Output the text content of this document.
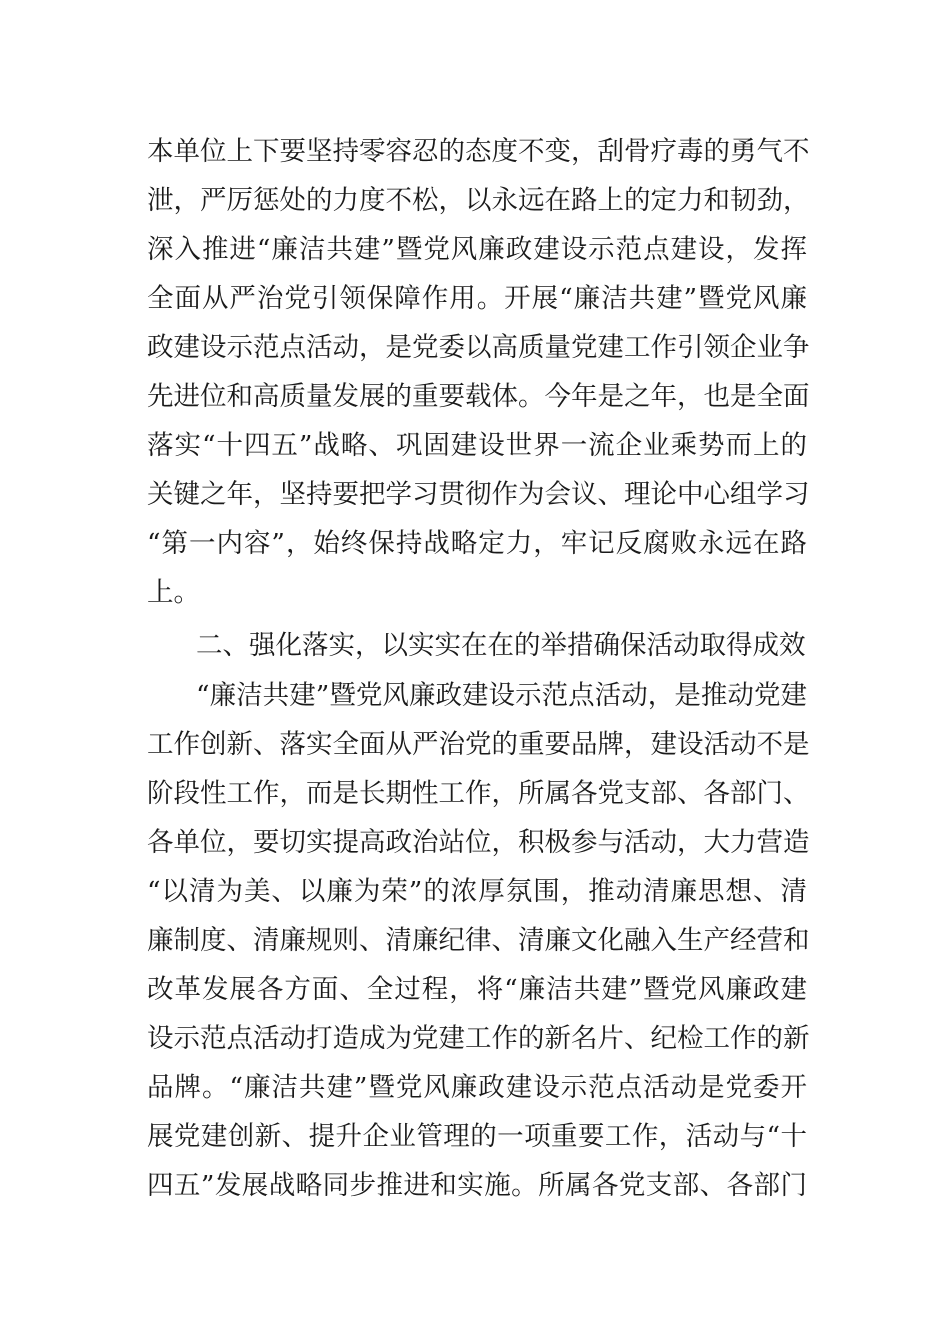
本单位上下要坚持零容忍的态度不变，刮骨疗毒的勇气不
泄，严厉惩处的力度不松，以永远在路上的定力和韧劲，
深入推进“廉洁共建”暨党风廉政建设示范点建设，发挥
全面从严治党引领保障作用。开展“廉洁共建”暨党风廉
政建设示范点活动，是党委以高质量党建工作引领企业争
先进位和高质量发展的重要载体。今年是之年，也是全面
落实“十四五”战略、巩固建设世界一流企业乘势而上的
关键之年，坚持要把学习贯彻作为会议、理论中心组学习
“第一内容”，始终保持战略定力，牢记反腐败永远在路
上。
二、强化落实，以实实在在的举措确保活动取得成效
“廉洁共建”暨党风廉政建设示范点活动，是推动党建
工作创新、落实全面从严治党的重要品牌，建设活动不是
阶段性工作，而是长期性工作，所属各党支部、各部门、
各单位，要切实提高政治站位，积极参与活动，大力营造
“以清为美、以廉为荣”的浓厚氛围，推动清廉思想、清
廉制度、清廉规则、清廉纪律、清廉文化融入生产经营和
改革发展各方面、全过程，将“廉洁共建”暨党风廉政建
设示范点活动打造成为党建工作的新名片、纪检工作的新
品牌。“廉洁共建”暨党风廉政建设示范点活动是党委开
展党建创新、提升企业管理的一项重要工作，活动与“十
四五”发展战略同步推进和实施。所属各党支部、各部门
